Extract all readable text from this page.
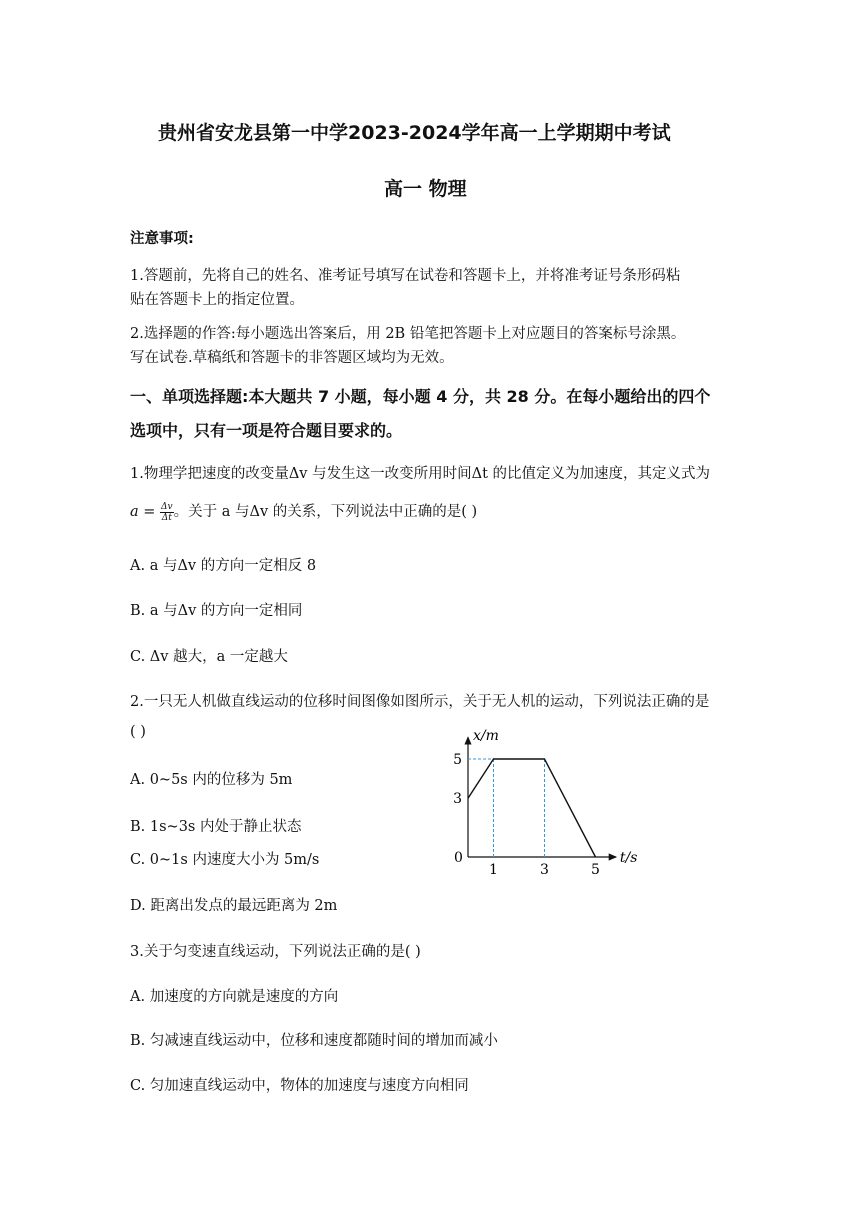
贵州省安龙县第一中学2023-2024学年高一上学期期中考试
高一 物理
注意事项:
1.答题前，先将自己的姓名、准考证号填写在试卷和答题卡上，并将准考证号条形码粘
贴在答题卡上的指定位置。
2.选择题的作答:每小题选出答案后，用 2B 铅笔把答题卡上对应题目的答案标号涂黑。
写在试卷.草稿纸和答题卡的非答题区域均为无效。
一、单项选择题:本大题共 7 小题，每小题 4 分，共 28 分。在每小题给出的四个
选项中，只有一项是符合题目要求的。
1.物理学把速度的改变量Δv 与发生这一改变所用时间Δt 的比值定义为加速度，其定义式为
$a = \frac{\Delta v}{\Delta t}$ 。关于 a 与Δv 的关系，下列说法中正确的是( )
A. a 与Δv 的方向一定相反 8
B. a 与Δv 的方向一定相同
C. Δv 越大，a 一定越大
2.一只无人机做直线运动的位移时间图像如图所示，关于无人机的运动，下列说法正确的是
( )
A. 0~5s 内的位移为 5m
B. 1s~3s 内处于静止状态
C. 0~1s 内速度大小为 5m/s
D. 距离出发点的最远距离为 2m
1	3	5
3
5
x/m
t/s
0
3.关于匀变速直线运动，下列说法正确的是( )
A. 加速度的方向就是速度的方向
B. 匀减速直线运动中，位移和速度都随时间的增加而减小
C. 匀加速直线运动中，物体的加速度与速度方向相同
